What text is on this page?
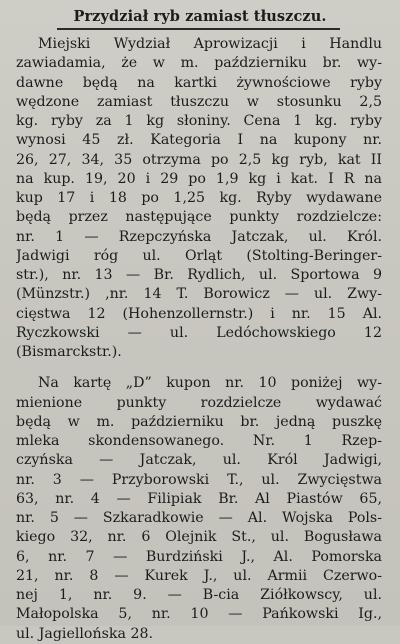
Przydział ryb zamiast tłuszczu.
Miejski Wydział Aprowizacji i Handlu
zawiadamia, że w m. październiku br. wy-
dawne będą na kartki żywnościowe ryby
wędzone zamiast tłuszczu w stosunku 2,5
kg. ryby za 1 kg słoniny. Cena 1 kg. ryby
wynosi 45 zł. Kategoria I na kupony nr.
26, 27, 34, 35 otrzyma po 2,5 kg ryb, kat II
na kup. 19, 20 i 29 po 1,9 kg i kat. I R na
kup 17 i 18 po 1,25 kg. Ryby wydawane
będą przez następujące punkty rozdzielcze:
nr. 1 — Rzepczyńska Jatczak, ul. Król.
Jadwigi róg ul. Orląt (Stolting-Beringer-
str.), nr. 13 — Br. Rydlich, ul. Sportowa 9
(Münzstr.) ,nr. 14 T. Borowicz — ul. Zwy-
cięstwa 12 (Hohenzollernstr.) i nr. 15 Al.
Ryczkowski — ul. Ledóchowskiego 12
(Bismarckstr.).
Na kartę „D” kupon nr. 10 poniżej wy-
mienione punkty rozdzielcze wydawać
będą w m. październiku br. jedną puszkę
mleka skondensowanego. Nr. 1 Rzep-
czyńska — Jatczak, ul. Król Jadwigi,
nr. 3 — Przyborowski T., ul. Zwycięstwa
63, nr. 4 — Filipiak Br. Al Piastów 65,
nr. 5 — Szkaradkowie — Al. Wojska Pols-
kiego 32, nr. 6 Olejnik St., ul. Bogusława
6, nr. 7 — Burdziński J., Al. Pomorska
21, nr. 8 — Kurek J., ul. Armii Czerwo-
nej 1, nr. 9. — B-cia Ziółkowscy, ul.
Małopolska 5, nr. 10 — Pańkowski Ig.,
ul. Jagiellońska 28.
